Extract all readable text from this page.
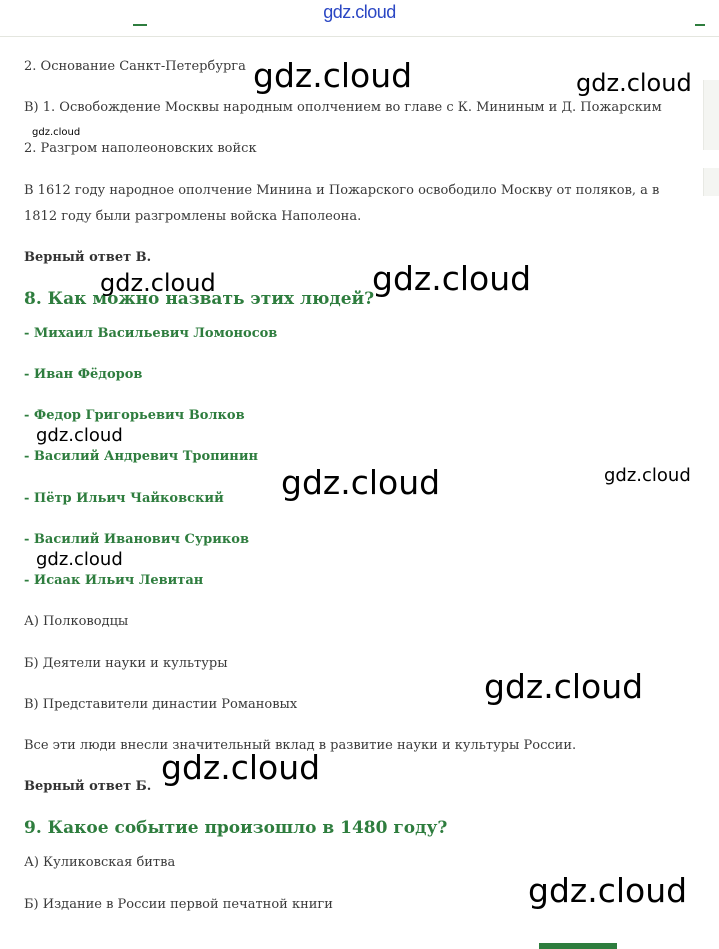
gdz.cloud

2. Основание Санкт-Петербурга

В) 1. Освобождение Москвы народным ополчением во главе с К. Мининым и Д. Пожарским

2. Разгром наполеоновских войск

В 1612 году народное ополчение Минина и Пожарского освободило Москву от поляков, а в

1812 году были разгромлены войска Наполеона.

Верный ответ В.

8. Как можно назвать этих людей?

- Михаил Васильевич Ломоносов

- Иван Фёдоров

- Федор Григорьевич Волков

- Василий Андревич Тропинин

- Пётр Ильич Чайковский

- Василий Иванович Суриков

- Исаак Ильич Левитан

А) Полководцы

Б) Деятели науки и культуры

В) Представители династии Романовых

Все эти люди внесли значительный вклад в развитие науки и культуры России.

Верный ответ Б.

9. Какое событие произошло в 1480 году?

А) Куликовская битва

Б) Издание в России первой печатной книги

gdz.cloud	gdz.cloud
gdz.cloud
gdz.cloud	gdz.cloud
gdz.cloud
gdz.cloud	gdz.cloud
gdz.cloud
gdz.cloud
gdz.cloud
gdz.cloud
